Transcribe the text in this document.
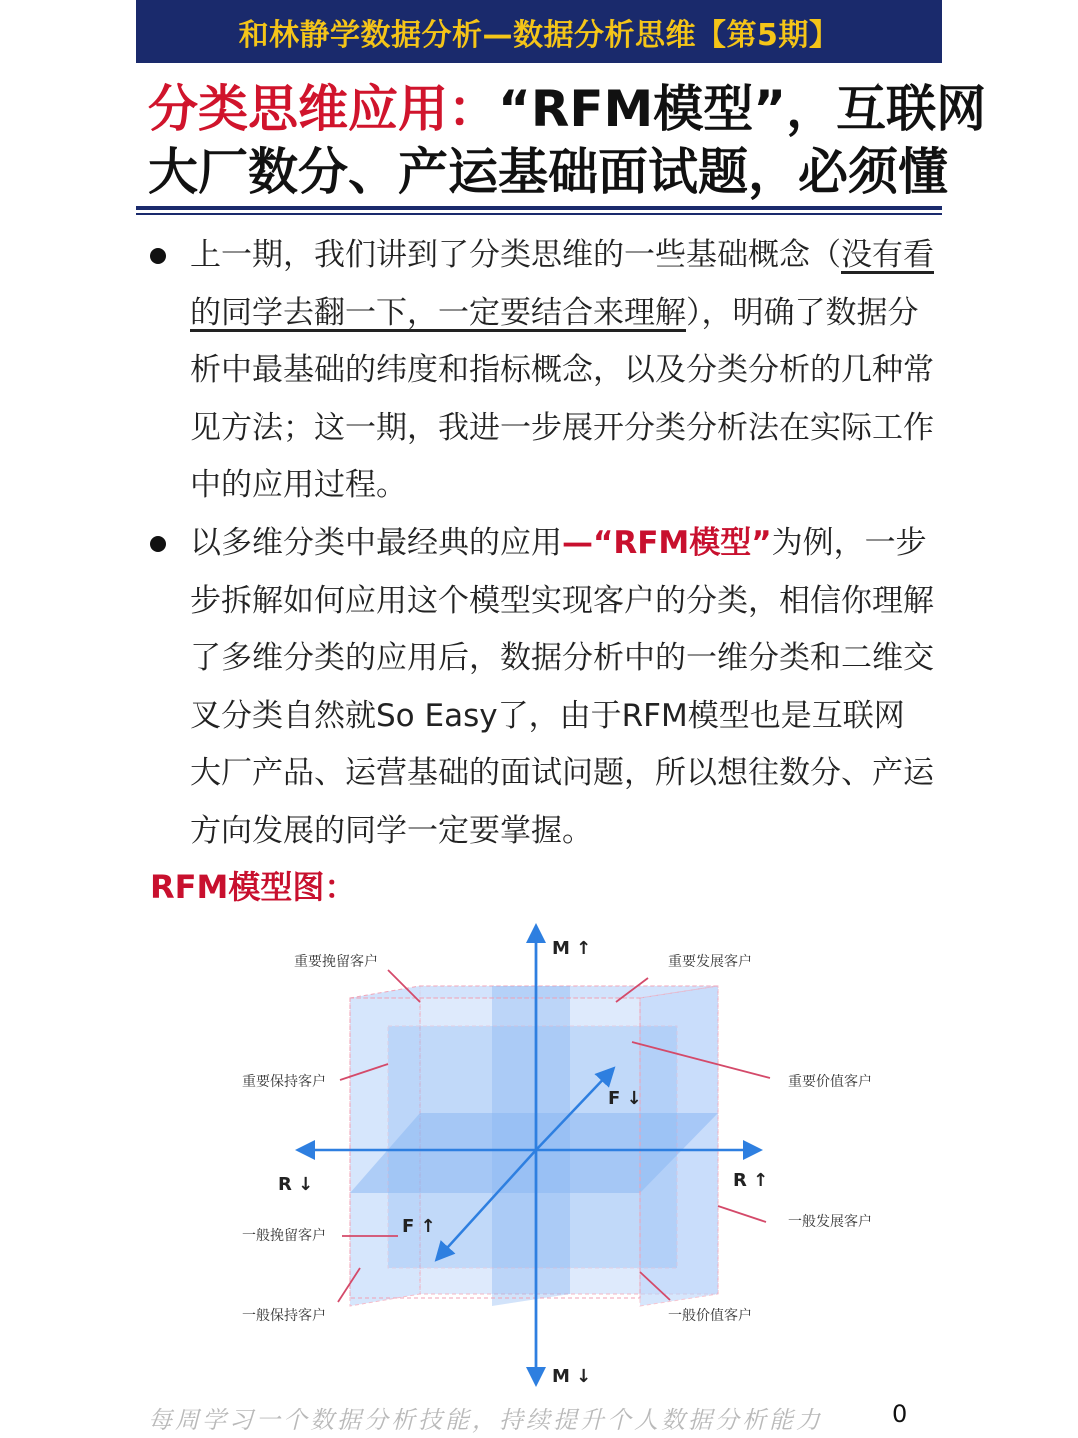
和林静学数据分析—数据分析思维【第5期】
分类思维应用：“RFM模型”，互联网
大厂数分、产运基础面试题，必须懂
上一期，我们讲到了分类思维的一些基础概念（没有看的同学去翻一下，一定要结合来理解），明确了数据分析中最基础的纬度和指标概念，以及分类分析的几种常见方法；这一期，我进一步展开分类分析法在实际工作中的应用过程。
以多维分类中最经典的应用—“RFM模型”为例，一步步拆解如何应用这个模型实现客户的分类，相信你理解了多维分类的应用后，数据分析中的一维分类和二维交叉分类自然就So Easy了，由于RFM模型也是互联网大厂产品、运营基础的面试问题，所以想往数分、产运方向发展的同学一定要掌握。
RFM模型图：
M ↑
M ↓
R ↓	R ↑
F ↓
F ↑
重要挽留客户	重要发展客户
重要保持客户	重要价值客户
一般挽留客户
一般发展客户
一般保持客户	一般价值客户
每周学习一个数据分析技能，持续提升个人数据分析能力	0
